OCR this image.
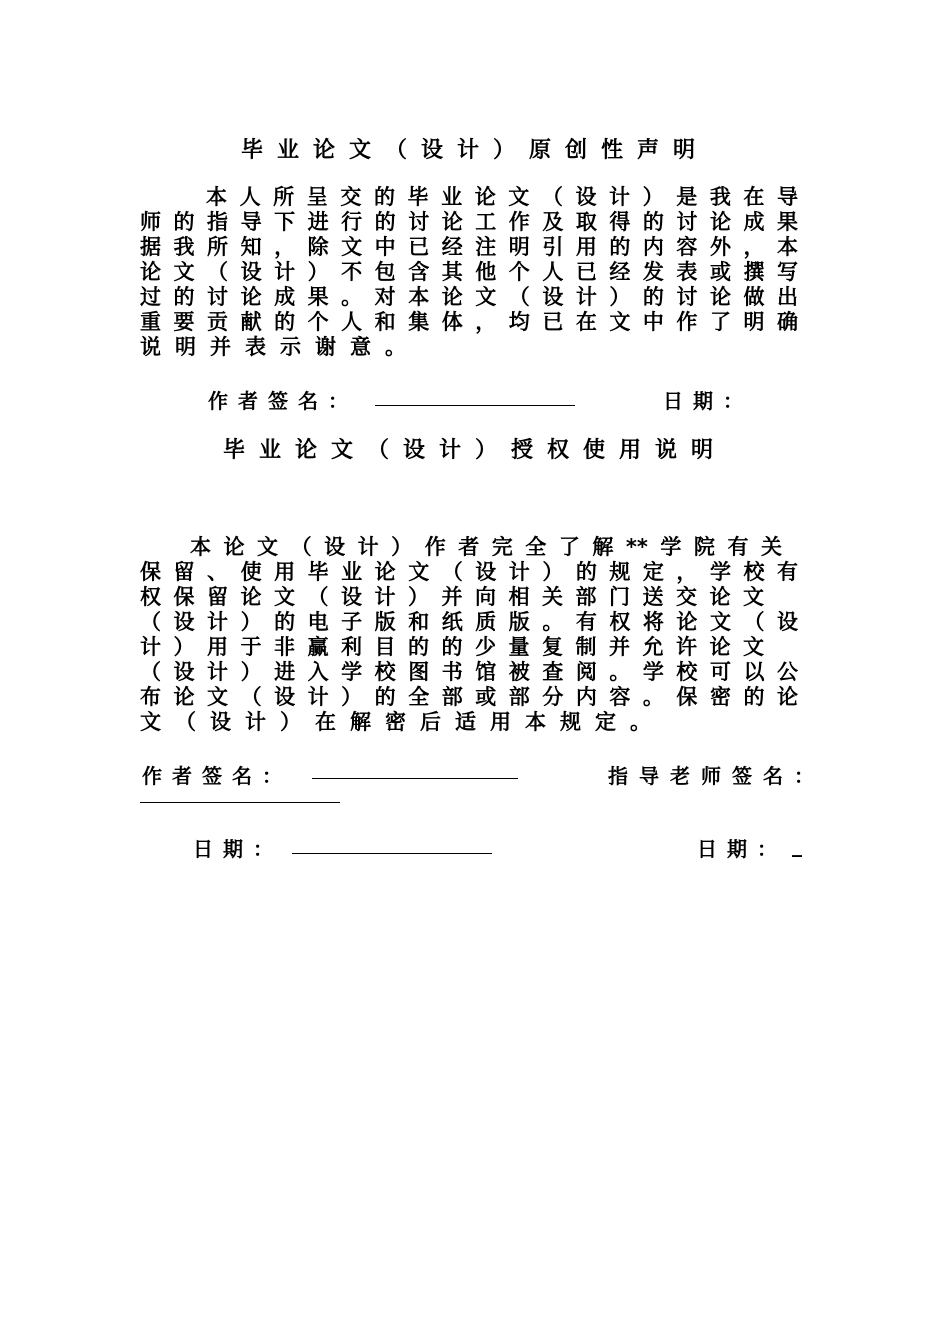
毕业论文（设计）原创性声明
本人所呈交的毕业论文（设计）是我在导
师的指导下进行的讨论工作及取得的讨论成果
据我所知，除文中已经注明引用的内容外，本
论文（设计）不包含其他个人已经发表或撰写
过的讨论成果。对本论文（设计）的讨论做出
重要贡献的个人和集体，均已在文中作了明确
说明并表示谢意。
作者签名：	日期：
毕业论文（设计）授权使用说明
本论文（设计）作者完全了解**学院有关
保留、使用毕业论文（设计）的规定，学校有
权保留论文（设计）并向相关部门送交论文
（设计）的电子版和纸质版。有权将论文（设
计）用于非赢利目的的少量复制并允许论文
（设计）进入学校图书馆被查阅。学校可以公
布论文（设计）的全部或部分内容。保密的论
文（设计）在解密后适用本规定。
作者签名：	指导老师签名：
日期：	日期： _
